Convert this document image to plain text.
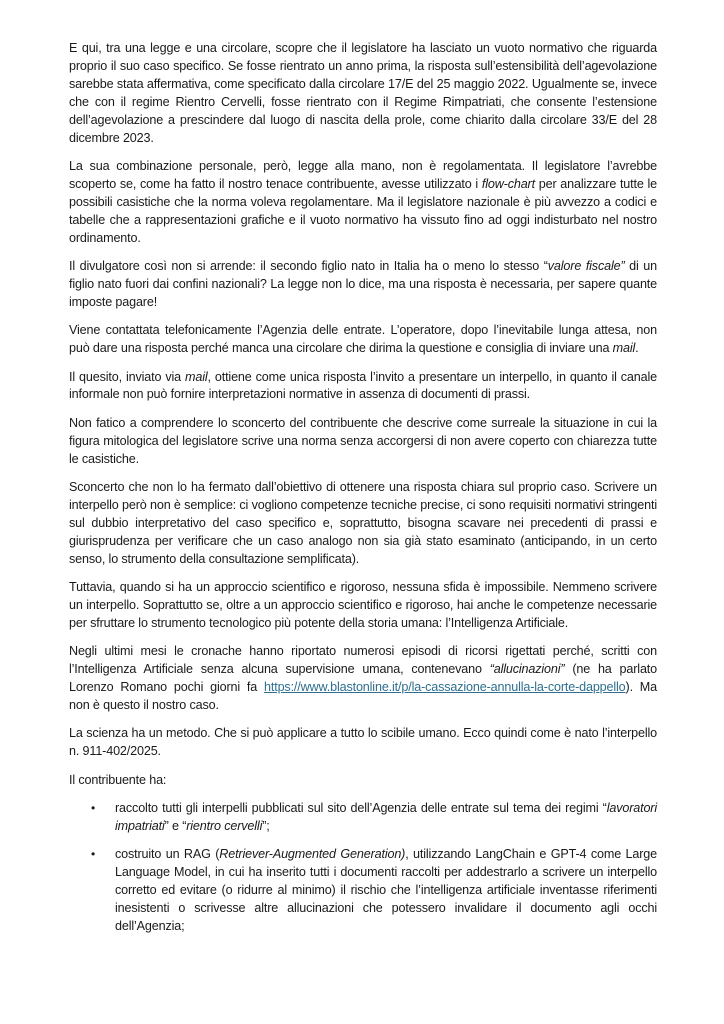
E qui, tra una legge e una circolare, scopre che il legislatore ha lasciato un vuoto normativo che riguarda proprio il suo caso specifico. Se fosse rientrato un anno prima, la risposta sull’estensibilità dell’agevolazione sarebbe stata affermativa, come specificato dalla circolare 17/E del 25 maggio 2022. Ugualmente se, invece che con il regime Rientro Cervelli, fosse rientrato con il Regime Rimpatriati, che consente l’estensione dell’agevolazione a prescindere dal luogo di nascita della prole, come chiarito dalla circolare 33/E del 28 dicembre 2023.

La sua combinazione personale, però, legge alla mano, non è regolamentata. Il legislatore l’avrebbe scoperto se, come ha fatto il nostro tenace contribuente, avesse utilizzato i flow-chart per analizzare tutte le possibili casistiche che la norma voleva regolamentare. Ma il legislatore nazionale è più avvezzo a codici e tabelle che a rappresentazioni grafiche e il vuoto normativo ha vissuto fino ad oggi indisturbato nel nostro ordinamento.

Il divulgatore così non si arrende: il secondo figlio nato in Italia ha o meno lo stesso “valore fiscale” di un figlio nato fuori dai confini nazionali? La legge non lo dice, ma una risposta è necessaria, per sapere quante imposte pagare!

Viene contattata telefonicamente l’Agenzia delle entrate. L’operatore, dopo l’inevitabile lunga attesa, non può dare una risposta perché manca una circolare che dirima la questione e consiglia di inviare una mail.

Il quesito, inviato via mail, ottiene come unica risposta l’invito a presentare un interpello, in quanto il canale informale non può fornire interpretazioni normative in assenza di documenti di prassi.

Non fatico a comprendere lo sconcerto del contribuente che descrive come surreale la situazione in cui la figura mitologica del legislatore scrive una norma senza accorgersi di non avere coperto con chiarezza tutte le casistiche.

Sconcerto che non lo ha fermato dall’obiettivo di ottenere una risposta chiara sul proprio caso. Scrivere un interpello però non è semplice: ci vogliono competenze tecniche precise, ci sono requisiti normativi stringenti sul dubbio interpretativo del caso specifico e, soprattutto, bisogna scavare nei precedenti di prassi e giurisprudenza per verificare che un caso analogo non sia già stato esaminato (anticipando, in un certo senso, lo strumento della consultazione semplificata).

Tuttavia, quando si ha un approccio scientifico e rigoroso, nessuna sfida è impossibile. Nemmeno scrivere un interpello. Soprattutto se, oltre a un approccio scientifico e rigoroso, hai anche le competenze necessarie per sfruttare lo strumento tecnologico più potente della storia umana: l’Intelligenza Artificiale.

Negli ultimi mesi le cronache hanno riportato numerosi episodi di ricorsi rigettati perché, scritti con l’Intelligenza Artificiale senza alcuna supervisione umana, contenevano “allucinazioni” (ne ha parlato Lorenzo Romano pochi giorni fa https://www.blastonline.it/p/la-cassazione-annulla-la-corte-dappello). Ma non è questo il nostro caso.

La scienza ha un metodo. Che si può applicare a tutto lo scibile umano. Ecco quindi come è nato l’interpello n. 911-402/2025.

Il contribuente ha:

• raccolto tutti gli interpelli pubblicati sul sito dell’Agenzia delle entrate sul tema dei regimi “lavoratori impatriati” e “rientro cervelli”;
• costruito un RAG (Retriever-Augmented Generation), utilizzando LangChain e GPT-4 come Large Language Model, in cui ha inserito tutti i documenti raccolti per addestrarlo a scrivere un interpello corretto ed evitare (o ridurre al minimo) il rischio che l’intelligenza artificiale inventasse riferimenti inesistenti o scrivesse altre allucinazioni che potessero invalidare il documento agli occhi dell’Agenzia;
